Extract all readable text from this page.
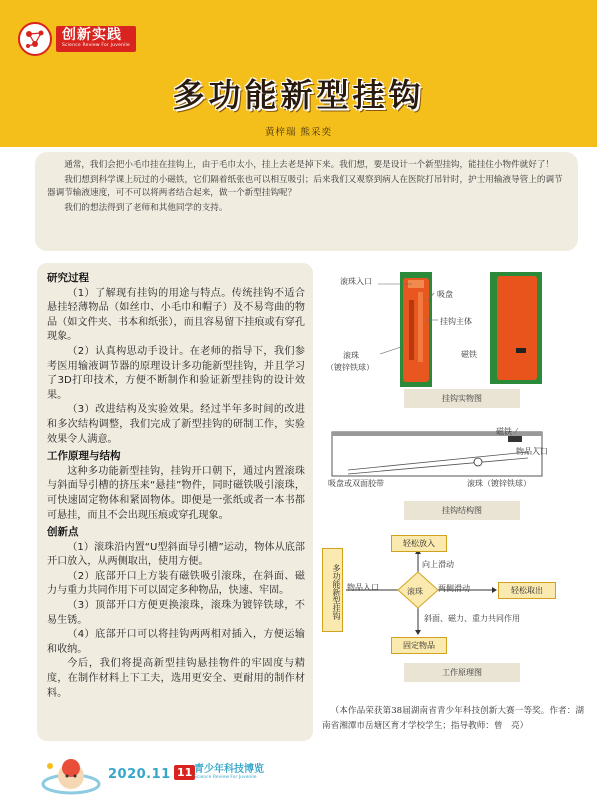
创新实践
Science Review For Juvenile
多功能新型挂钩
黄梓瑞 熊采奕

通常，我们会把小毛巾挂在挂钩上，由于毛巾太小，挂上去老是掉下来。我们想，要是设计一个新型挂钩，能挂住小物件就好了！

我们想到科学课上玩过的小磁铁，它们隔着纸张也可以相互吸引；后来我们又观察到病人在医院打吊针时，护士用输液导管上的调节器调节输液速度，可不可以将两者结合起来，做一个新型挂钩呢？

我们的想法得到了老师和其他同学的支持。

研究过程

（1）了解现有挂钩的用途与特点。传统挂钩不适合悬挂轻薄物品（如丝巾、小毛巾和帽子）及不易弯曲的物品（如文件夹、书本和纸张），而且容易留下挂痕或有穿孔现象。

（2）认真构思动手设计。在老师的指导下，我们参考医用输液调节器的原理设计多功能新型挂钩，并且学习了3D打印技术，方便不断制作和验证新型挂钩的设计效果。

（3）改进结构及实验效果。经过半年多时间的改进和多次结构调整，我们完成了新型挂钩的研制工作，实验效果令人满意。

工作原理与结构

这种多功能新型挂钩，挂钩开口朝下，通过内置滚珠与斜面导引槽的挤压来“悬挂”物件，同时磁铁吸引滚珠，可快速固定物体和紧固物体。即便是一张纸或者一本书都可悬挂，而且不会出现压痕或穿孔现象。

创新点

（1）滚珠沿内置“U型斜面导引槽”运动，物体从底部开口放入，从两侧取出，使用方便。

（2）底部开口上方装有磁铁吸引滚珠，在斜面、磁力与重力共同作用下可以固定多种物品，快速、牢固。

（3）顶部开口方便更换滚珠，滚珠为镀锌铁球，不易生锈。

（4）底部开口可以将挂钩两两相对插入，方便运输和收纳。

今后，我们将提高新型挂钩悬挂物件的牢固度与精度，在制作材料上下工夫，选用更安全、更耐用的制作材料。

滚珠入口
吸盘
挂钩主体
滚珠
（镀锌铁球）
磁铁
挂钩实物图
磁铁
物品入口
吸盘或双面胶带	滚珠（镀锌铁球）
挂钩结构图
多功能新型挂钩 物品入口	滚珠
轻松放入
向上滑动
两侧滑动	轻松取出
斜面、磁力、重力共同作用
固定物品
工作原理图
（本作品荣获第38届湖南省青少年科技创新大赛一等奖。作者：湖南省湘潭市岳塘区育才学校学生；指导教师：曾　亮）
2020.11 11 青少年科技博览
Science Review For Juvenile
